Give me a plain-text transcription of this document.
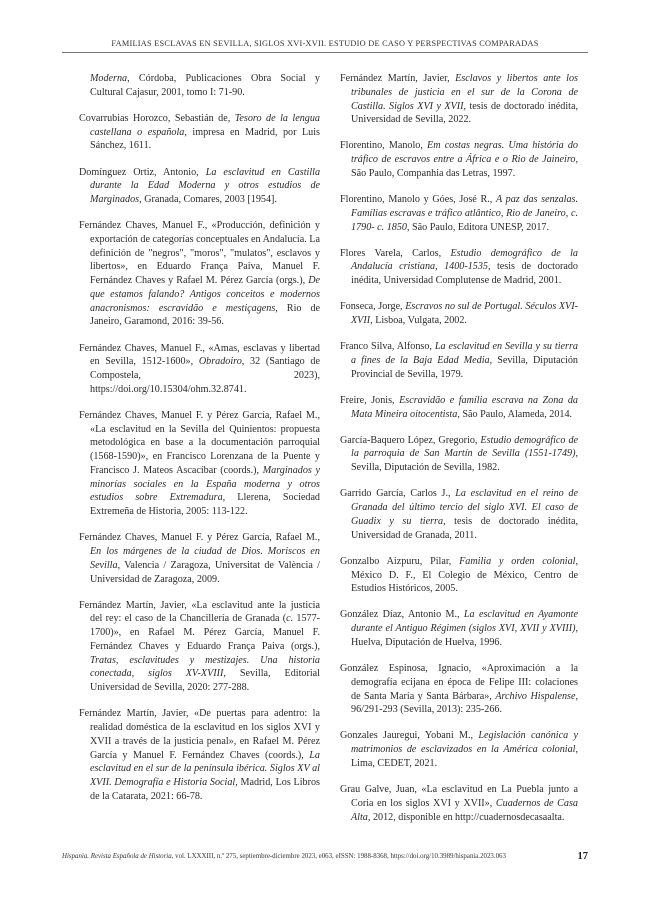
FAMILIAS ESCLAVAS EN SEVILLA, SIGLOS XVI-XVII. ESTUDIO DE CASO Y PERSPECTIVAS COMPARADAS

Moderna, Córdoba, Publicaciones Obra Social y Cultural Cajasur, 2001, tomo I: 71-90.

Covarrubias Horozco, Sebastián de, Tesoro de la lengua castellana o española, impresa en Madrid, por Luis Sánchez, 1611.

Domínguez Ortiz, Antonio, La esclavitud en Castilla durante la Edad Moderna y otros estudios de Marginados, Granada, Comares, 2003 [1954].

Fernández Chaves, Manuel F., «Producción, definición y exportación de categorías conceptuales en Andalucía. La definición de "negros", "moros", "mulatos", esclavos y libertos», en Eduardo França Paiva, Manuel F. Fernández Chaves y Rafael M. Pérez García (orgs.), De que estamos falando? Antigos conceitos e modernos anacronismos: escravidão e mestiçagens, Rio de Janeiro, Garamond, 2016: 39-56.

Fernández Chaves, Manuel F., «Amas, esclavas y libertad en Sevilla, 1512-1600», Obradoiro, 32 (Santiago de Compostela, 2023), https://doi.org/10.15304/ohm.32.8741.

Fernández Chaves, Manuel F. y Pérez García, Rafael M., «La esclavitud en la Sevilla del Quinientos: propuesta metodológica en base a la documentación parroquial (1568-1590)», en Francisco Lorenzana de la Puente y Francisco J. Mateos Ascacíbar (coords.), Marginados y minorías sociales en la España moderna y otros estudios sobre Extremadura, Llerena, Sociedad Extremeña de Historia, 2005: 113-122.

Fernández Chaves, Manuel F. y Pérez García, Rafael M., En los márgenes de la ciudad de Dios. Moriscos en Sevilla, Valencia / Zaragoza, Universitat de València / Universidad de Zaragoza, 2009.

Fernández Martín, Javier, «La esclavitud ante la justicia del rey: el caso de la Chancillería de Granada (c. 1577-1700)», en Rafael M. Pérez García, Manuel F. Fernández Chaves y Eduardo França Paiva (orgs.), Tratas, esclavitudes y mestizajes. Una historia conectada, siglos XV-XVIII, Sevilla, Editorial Universidad de Sevilla, 2020: 277-288.

Fernández Martín, Javier, «De puertas para adentro: la realidad doméstica de la esclavitud en los siglos XVI y XVII a través de la justicia penal», en Rafael M. Pérez García y Manuel F. Fernández Chaves (coords.), La esclavitud en el sur de la península ibérica. Siglos XV al XVII. Demografía e Historia Social, Madrid, Los Libros de la Catarata, 2021: 66-78.

Fernández Martín, Javier, Esclavos y libertos ante los tribunales de justicia en el sur de la Corona de Castilla. Siglos XVI y XVII, tesis de doctorado inédita, Universidad de Sevilla, 2022.

Florentino, Manolo, Em costas negras. Uma história do tráfico de escravos entre a África e o Rio de Jaineiro, São Paulo, Companhia das Letras, 1997.

Florentino, Manolo y Góes, José R., A paz das senzalas. Famílias escravas e tráfico atlântico, Rio de Janeiro, c. 1790- c. 1850, São Paulo, Editora UNESP, 2017.

Flores Varela, Carlos, Estudio demográfico de la Andalucía cristiana, 1400-1535, tesis de doctorado inédita, Universidad Complutense de Madrid, 2001.

Fonseca, Jorge, Escravos no sul de Portugal. Séculos XVI-XVII, Lisboa, Vulgata, 2002.

Franco Silva, Alfonso, La esclavitud en Sevilla y su tierra a fines de la Baja Edad Media, Sevilla, Diputación Provincial de Sevilla, 1979.

Freire, Jonis, Escravidão e família escrava na Zona da Mata Mineira oitocentista, São Paulo, Alameda, 2014.

García-Baquero López, Gregorio, Estudio demográfico de la parroquia de San Martín de Sevilla (1551-1749), Sevilla, Diputación de Sevilla, 1982.

Garrido García, Carlos J., La esclavitud en el reino de Granada del último tercio del siglo XVI. El caso de Guadix y su tierra, tesis de doctorado inédita, Universidad de Granada, 2011.

Gonzalbo Aizpuru, Pilar, Familia y orden colonial, México D. F., El Colegio de México, Centro de Estudios Históricos, 2005.

González Díaz, Antonio M., La esclavitud en Ayamonte durante el Antiguo Régimen (siglos XVI, XVII y XVIII), Huelva, Diputación de Huelva, 1996.

González Espinosa, Ignacio, «Aproximación a la demografía ecijana en época de Felipe III: colaciones de Santa María y Santa Bárbara», Archivo Hispalense, 96/291-293 (Sevilla, 2013): 235-266.

Gonzales Jauregui, Yobani M., Legislación canónica y matrimonios de esclavizados en la América colonial, Lima, CEDET, 2021.

Grau Galve, Juan, «La esclavitud en La Puebla junto a Coria en los siglos XVI y XVII», Cuadernos de Casa Alta, 2012, disponible en http://cuadernosdecasaalta.

Hispania. Revista Española de Historia, vol. LXXXIII, n.º 275, septiembre-diciembre 2023, e063, eISSN: 1988-8368, https://doi.org/10.3989/hispania.2023.063	17
